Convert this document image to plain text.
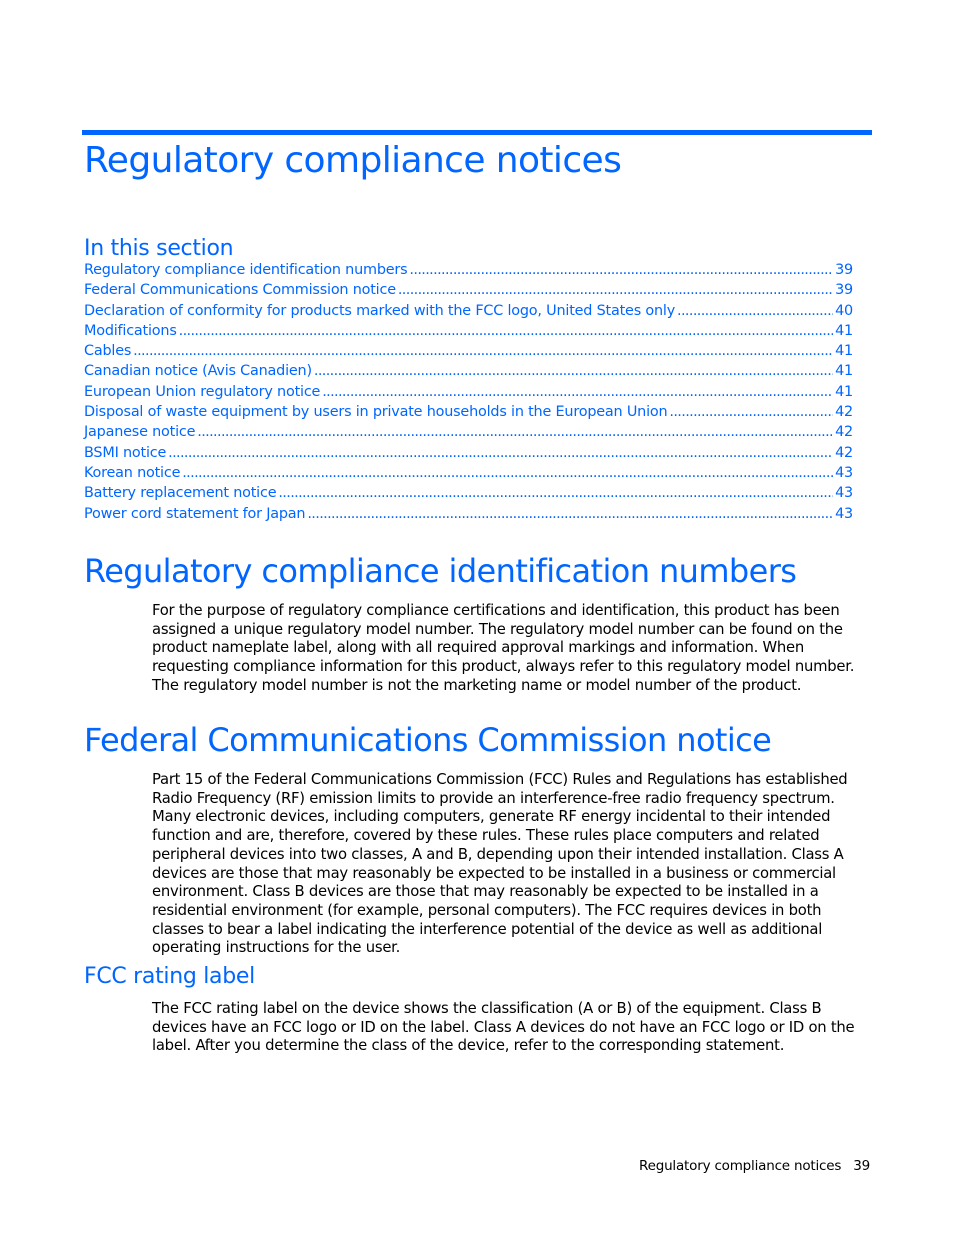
Regulatory compliance notices
In this section
Regulatory compliance identification numbers . . .	39
Federal Communications Commission notice . . .	39
Declaration of conformity for products marked with the FCC logo, United States only . . .	40
Modifications . . .	41
Cables . . .	41
Canadian notice (Avis Canadien) . . .	41
European Union regulatory notice . . .	41
Disposal of waste equipment by users in private households in the European Union . . .	42
Japanese notice . . .	42
BSMI notice . . .	42
Korean notice . . .	43
Battery replacement notice . . .	43
Power cord statement for Japan . . .	43
Regulatory compliance identification numbers

For the purpose of regulatory compliance certifications and identification, this product has been assigned a unique regulatory model number. The regulatory model number can be found on the product nameplate label, along with all required approval markings and information. When requesting compliance information for this product, always refer to this regulatory model number. The regulatory model number is not the marketing name or model number of the product.

Federal Communications Commission notice

Part 15 of the Federal Communications Commission (FCC) Rules and Regulations has established Radio Frequency (RF) emission limits to provide an interference-free radio frequency spectrum. Many electronic devices, including computers, generate RF energy incidental to their intended function and are, therefore, covered by these rules. These rules place computers and related peripheral devices into two classes, A and B, depending upon their intended installation. Class A devices are those that may reasonably be expected to be installed in a business or commercial environment. Class B devices are those that may reasonably be expected to be installed in a residential environment (for example, personal computers). The FCC requires devices in both classes to bear a label indicating the interference potential of the device as well as additional operating instructions for the user.

FCC rating label

The FCC rating label on the device shows the classification (A or B) of the equipment. Class B devices have an FCC logo or ID on the label. Class A devices do not have an FCC logo or ID on the label. After you determine the class of the device, refer to the corresponding statement.

Regulatory compliance notices 39
